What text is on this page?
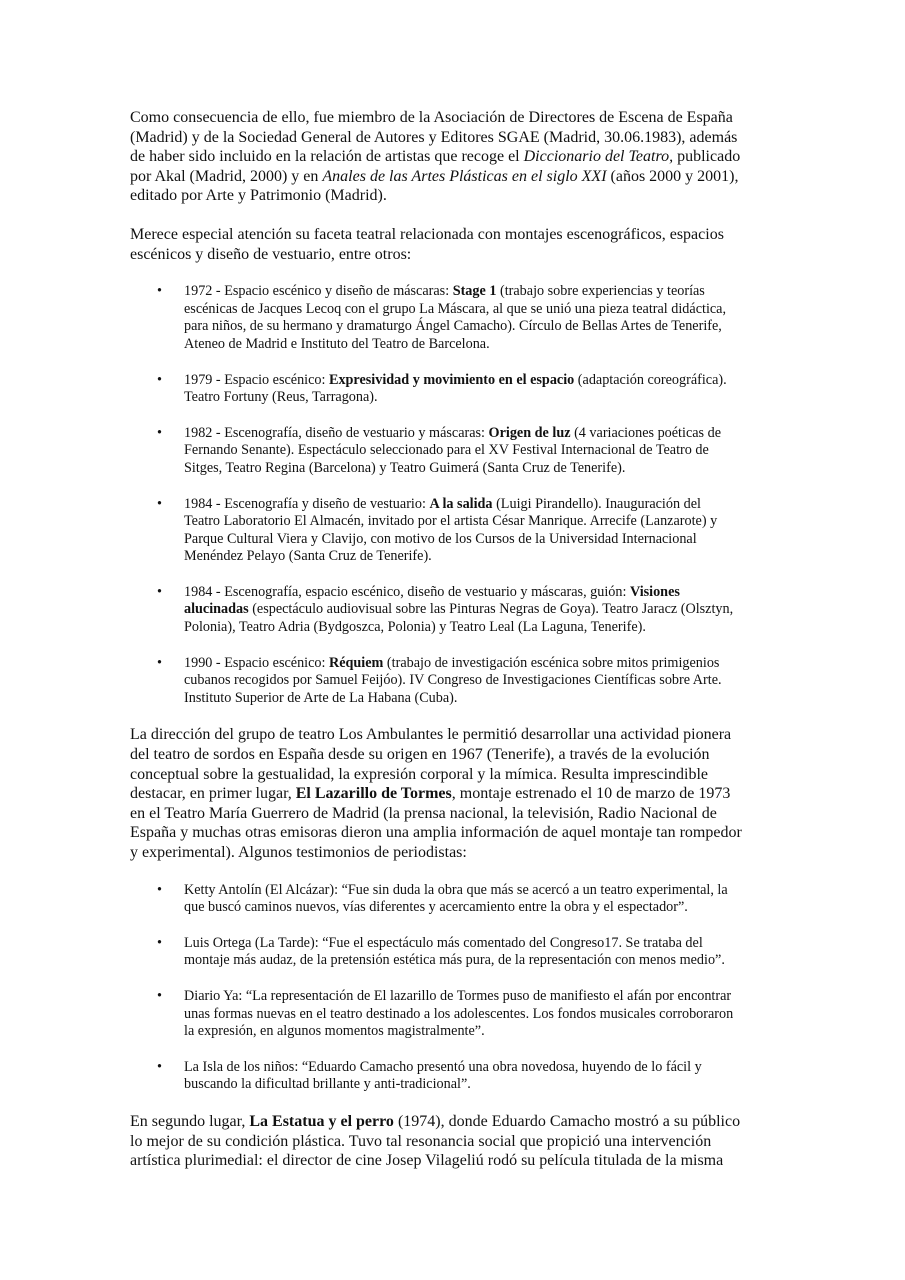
Como consecuencia de ello, fue miembro de la Asociación de Directores de Escena de España
(Madrid) y de la Sociedad General de Autores y Editores SGAE (Madrid, 30.06.1983), además
de haber sido incluido en la relación de artistas que recoge el Diccionario del Teatro, publicado
por Akal (Madrid, 2000) y en Anales de las Artes Plásticas en el siglo XXI (años 2000 y 2001),
editado por Arte y Patrimonio (Madrid).

Merece especial atención su faceta teatral relacionada con montajes escenográficos, espacios
escénicos y diseño de vestuario, entre otros:

• 1972 - Espacio escénico y diseño de máscaras: Stage 1 (trabajo sobre experiencias y teorías
escénicas de Jacques Lecoq con el grupo La Máscara, al que se unió una pieza teatral didáctica,
para niños, de su hermano y dramaturgo Ángel Camacho). Círculo de Bellas Artes de Tenerife,
Ateneo de Madrid e Instituto del Teatro de Barcelona.
• 1979 - Espacio escénico: Expresividad y movimiento en el espacio (adaptación coreográfica).
Teatro Fortuny (Reus, Tarragona).
• 1982 - Escenografía, diseño de vestuario y máscaras: Origen de luz (4 variaciones poéticas de
Fernando Senante). Espectáculo seleccionado para el XV Festival Internacional de Teatro de
Sitges, Teatro Regina (Barcelona) y Teatro Guimerá (Santa Cruz de Tenerife).
• 1984 - Escenografía y diseño de vestuario: A la salida (Luigi Pirandello). Inauguración del
Teatro Laboratorio El Almacén, invitado por el artista César Manrique. Arrecife (Lanzarote) y
Parque Cultural Viera y Clavijo, con motivo de los Cursos de la Universidad Internacional
Menéndez Pelayo (Santa Cruz de Tenerife).
• 1984 - Escenografía, espacio escénico, diseño de vestuario y máscaras, guión: Visiones
alucinadas (espectáculo audiovisual sobre las Pinturas Negras de Goya). Teatro Jaracz (Olsztyn,
Polonia), Teatro Adria (Bydgoszca, Polonia) y Teatro Leal (La Laguna, Tenerife).
• 1990 - Espacio escénico: Réquiem (trabajo de investigación escénica sobre mitos primigenios
cubanos recogidos por Samuel Feijóo). IV Congreso de Investigaciones Científicas sobre Arte.
Instituto Superior de Arte de La Habana (Cuba).

La dirección del grupo de teatro Los Ambulantes le permitió desarrollar una actividad pionera
del teatro de sordos en España desde su origen en 1967 (Tenerife), a través de la evolución
conceptual sobre la gestualidad, la expresión corporal y la mímica. Resulta imprescindible
destacar, en primer lugar, El Lazarillo de Tormes, montaje estrenado el 10 de marzo de 1973
en el Teatro María Guerrero de Madrid (la prensa nacional, la televisión, Radio Nacional de
España y muchas otras emisoras dieron una amplia información de aquel montaje tan rompedor
y experimental). Algunos testimonios de periodistas:

• Ketty Antolín (El Alcázar): “Fue sin duda la obra que más se acercó a un teatro experimental, la
que buscó caminos nuevos, vías diferentes y acercamiento entre la obra y el espectador”.
• Luis Ortega (La Tarde): “Fue el espectáculo más comentado del Congreso17. Se trataba del
montaje más audaz, de la pretensión estética más pura, de la representación con menos medio”.
• Diario Ya: “La representación de El lazarillo de Tormes puso de manifiesto el afán por encontrar
unas formas nuevas en el teatro destinado a los adolescentes. Los fondos musicales corroboraron
la expresión, en algunos momentos magistralmente”.
• La Isla de los niños: “Eduardo Camacho presentó una obra novedosa, huyendo de lo fácil y
buscando la dificultad brillante y anti-tradicional”.

En segundo lugar, La Estatua y el perro (1974), donde Eduardo Camacho mostró a su público
lo mejor de su condición plástica. Tuvo tal resonancia social que propició una intervención
artística plurimedial: el director de cine Josep Vilageliú rodó su película titulada de la misma
